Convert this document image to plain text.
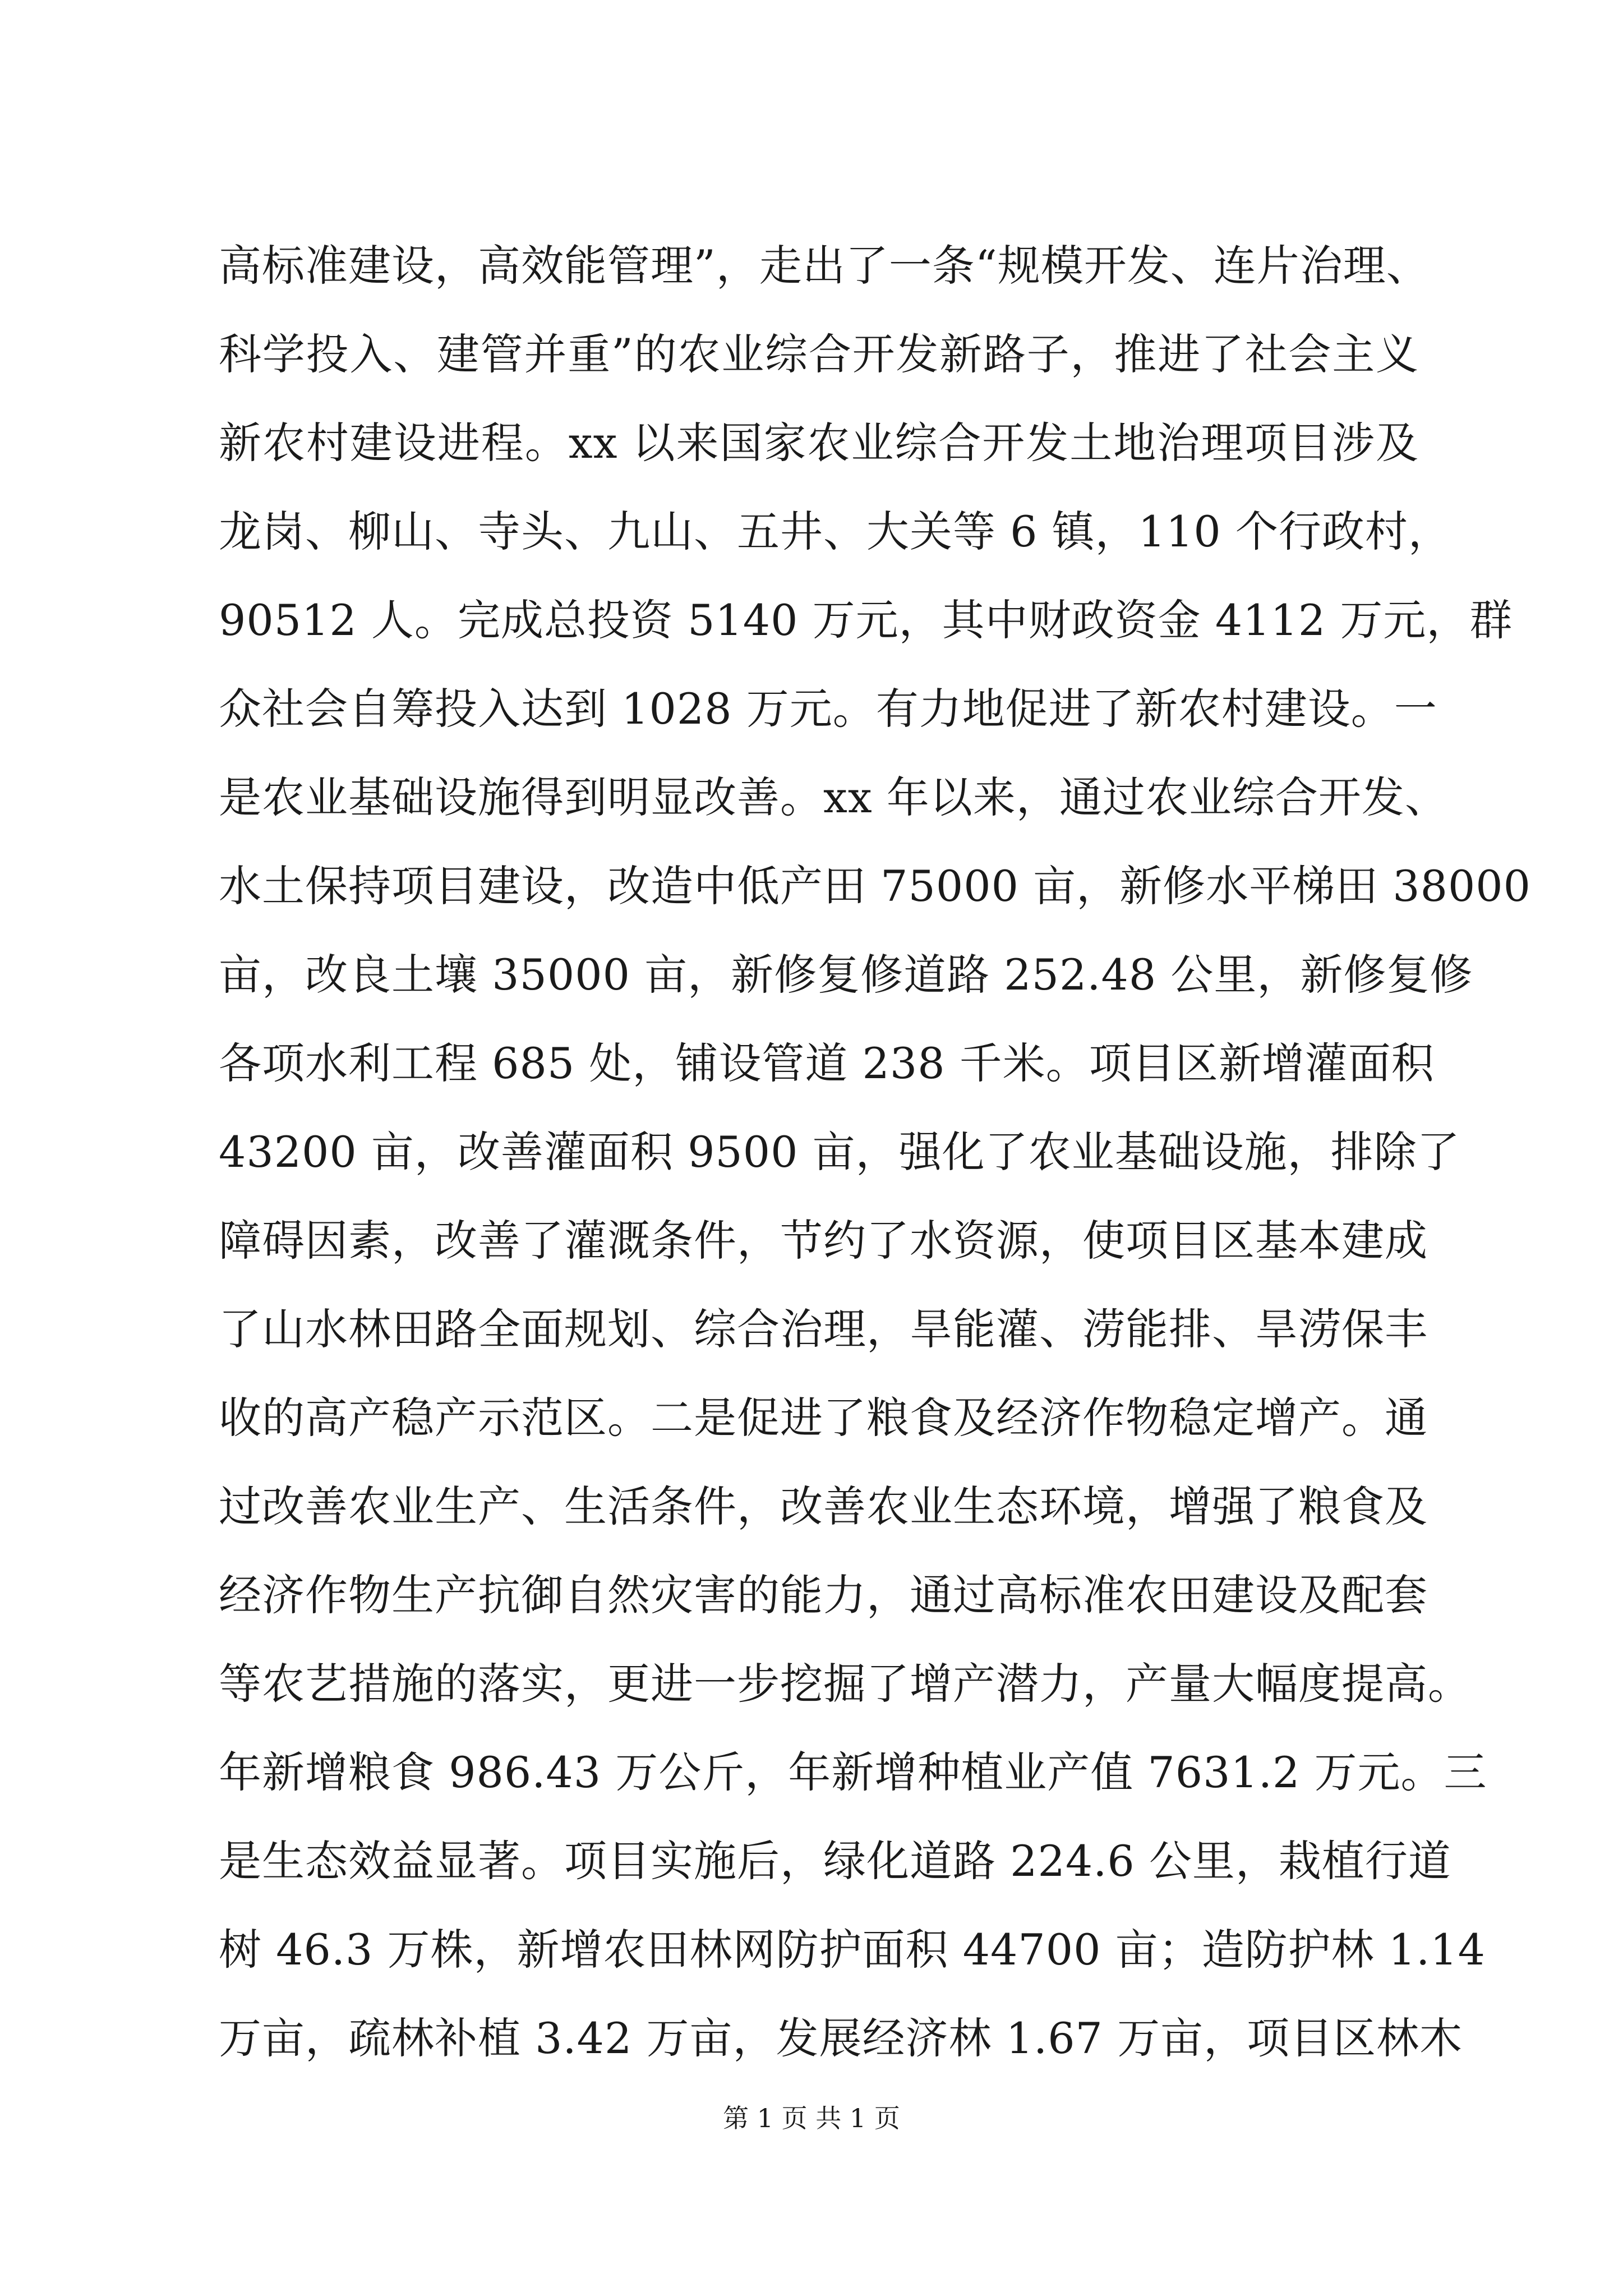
高标准建设，高效能管理”，走出了一条“规模开发、连片治理、
科学投入、建管并重”的农业综合开发新路子，推进了社会主义
新农村建设进程。xx 以来国家农业综合开发土地治理项目涉及
龙岗、柳山、寺头、九山、五井、大关等 6 镇，110 个行政村，
90512 人。完成总投资 5140 万元，其中财政资金 4112 万元，群
众社会自筹投入达到 1028 万元。有力地促进了新农村建设。一
是农业基础设施得到明显改善。xx 年以来，通过农业综合开发、
水土保持项目建设，改造中低产田 75000 亩，新修水平梯田 38000
亩，改良土壤 35000 亩，新修复修道路 252.48 公里，新修复修
各项水利工程 685 处，铺设管道 238 千米。项目区新增灌面积
43200 亩，改善灌面积 9500 亩，强化了农业基础设施，排除了
障碍因素，改善了灌溉条件，节约了水资源，使项目区基本建成
了山水林田路全面规划、综合治理，旱能灌、涝能排、旱涝保丰
收的高产稳产示范区。二是促进了粮食及经济作物稳定增产。通
过改善农业生产、生活条件，改善农业生态环境，增强了粮食及
经济作物生产抗御自然灾害的能力，通过高标准农田建设及配套
等农艺措施的落实，更进一步挖掘了增产潜力，产量大幅度提高。
年新增粮食 986.43 万公斤，年新增种植业产值 7631.2 万元。三
是生态效益显著。项目实施后，绿化道路 224.6 公里，栽植行道
树 46.3 万株，新增农田林网防护面积 44700 亩；造防护林 1.14
万亩，疏林补植 3.42 万亩，发展经济林 1.67 万亩，项目区林木
第 1 页 共 1 页
